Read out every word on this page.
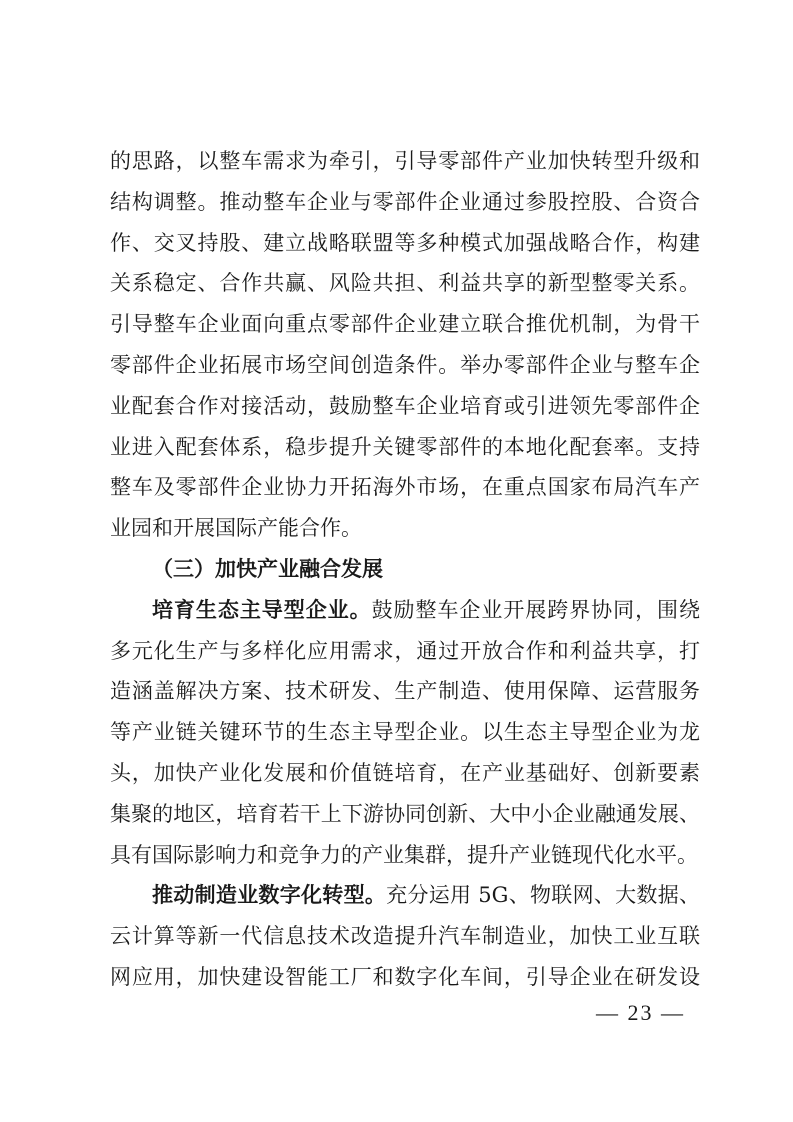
的思路，以整车需求为牵引，引导零部件产业加快转型升级和
结构调整。推动整车企业与零部件企业通过参股控股、合资合
作、交叉持股、建立战略联盟等多种模式加强战略合作，构建
关系稳定、合作共赢、风险共担、利益共享的新型整零关系。
引导整车企业面向重点零部件企业建立联合推优机制，为骨干
零部件企业拓展市场空间创造条件。举办零部件企业与整车企
业配套合作对接活动，鼓励整车企业培育或引进领先零部件企
业进入配套体系，稳步提升关键零部件的本地化配套率。支持
整车及零部件企业协力开拓海外市场，在重点国家布局汽车产
业园和开展国际产能合作。
（三）加快产业融合发展
培育生态主导型企业。鼓励整车企业开展跨界协同，围绕
多元化生产与多样化应用需求，通过开放合作和利益共享，打
造涵盖解决方案、技术研发、生产制造、使用保障、运营服务
等产业链关键环节的生态主导型企业。以生态主导型企业为龙
头，加快产业化发展和价值链培育，在产业基础好、创新要素
集聚的地区，培育若干上下游协同创新、大中小企业融通发展、
具有国际影响力和竞争力的产业集群，提升产业链现代化水平。
推动制造业数字化转型。充分运用 5G、物联网、大数据、
云计算等新一代信息技术改造提升汽车制造业，加快工业互联
网应用，加快建设智能工厂和数字化车间，引导企业在研发设
— 23 —
